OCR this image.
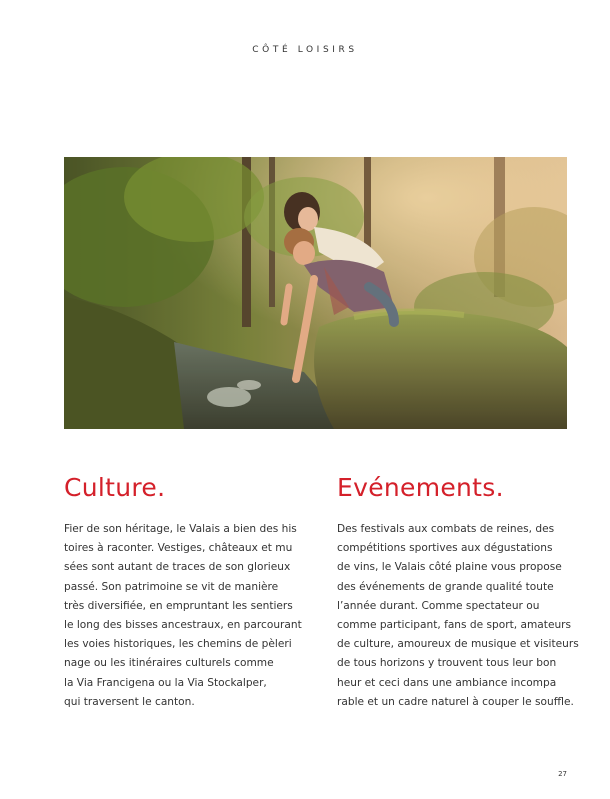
CÔTÉ LOISIRS
Culture.
Fier de son héritage, le Valais a bien des his
toires à raconter. Vestiges, châteaux et mu
sées sont autant de traces de son glorieux
passé. Son patrimoine se vit de manière
très diversifiée, en empruntant les sentiers
le long des bisses ancestraux, en parcourant
les voies historiques, les chemins de pèleri
nage ou les itinéraires culturels comme
la Via Francigena ou la Via Stockalper,
qui traversent le canton.
Evénements.
Des festivals aux combats de reines, des
compétitions sportives aux dégustations
de vins, le Valais côté plaine vous propose
des événements de grande qualité toute
l’année durant. Comme spectateur ou
comme participant, fans de sport, amateurs
de culture, amoureux de musique et visiteurs
de tous horizons y trouvent tous leur bon
heur et ceci dans une ambiance incompa
rable et un cadre naturel à couper le souffle.
27
